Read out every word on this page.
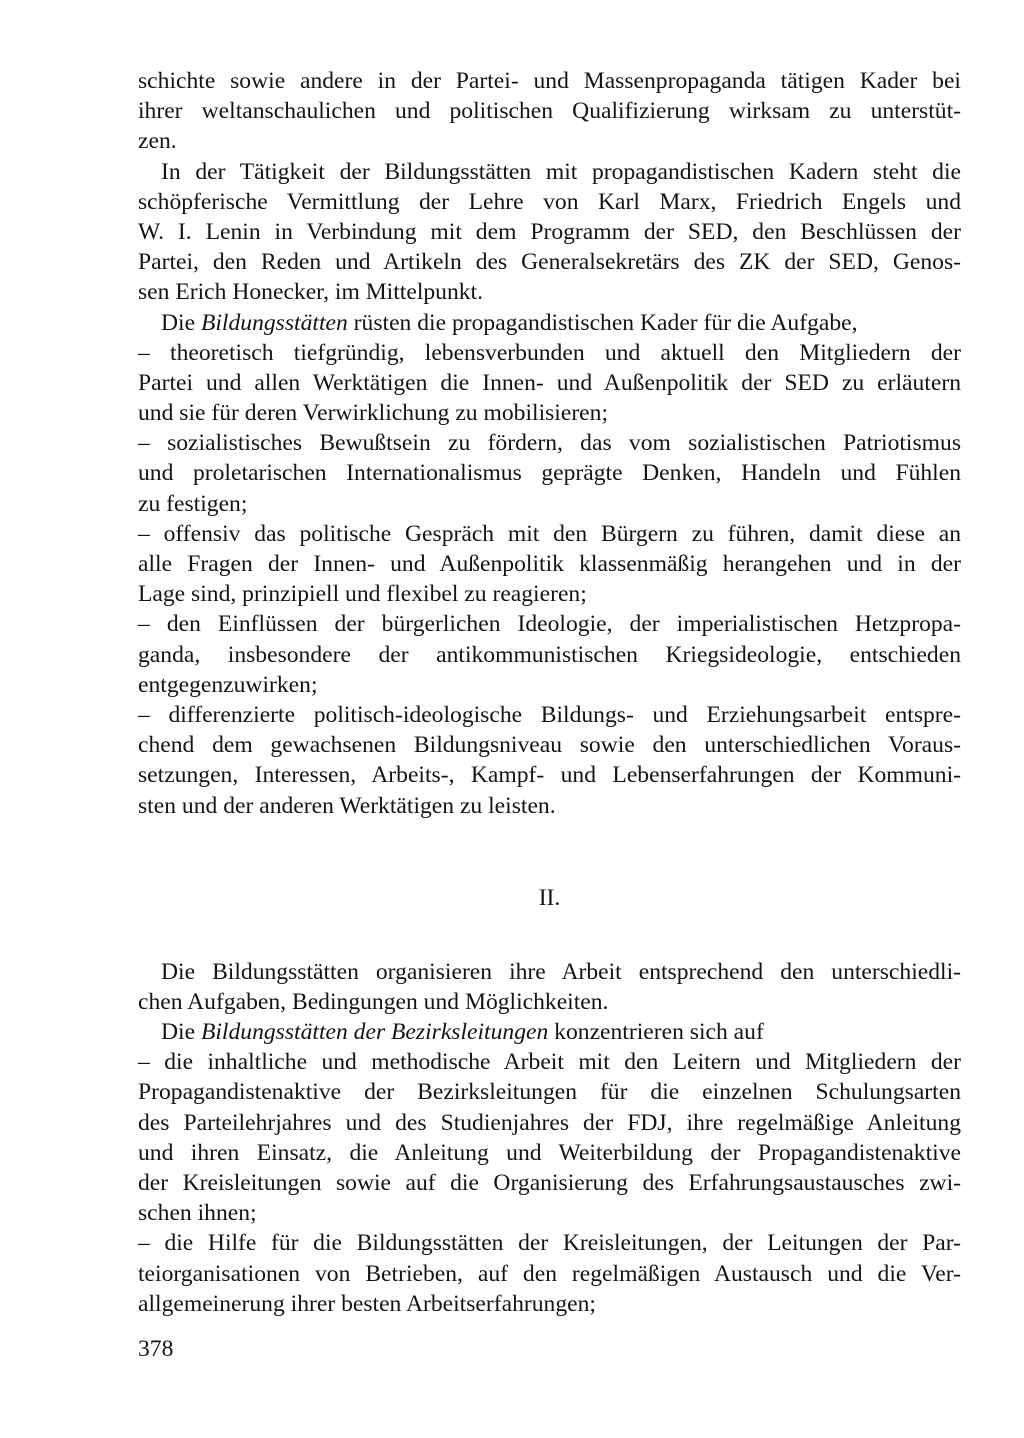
schichte sowie andere in der Partei- und Massenpropaganda tätigen Kader bei
ihrer weltanschaulichen und politischen Qualifizierung wirksam zu unterstüt-
zen.
In der Tätigkeit der Bildungsstätten mit propagandistischen Kadern steht die
schöpferische Vermittlung der Lehre von Karl Marx, Friedrich Engels und
W. I. Lenin in Verbindung mit dem Programm der SED, den Beschlüssen der
Partei, den Reden und Artikeln des Generalsekretärs des ZK der SED, Genos-
sen Erich Honecker, im Mittelpunkt.
Die Bildungsstätten rüsten die propagandistischen Kader für die Aufgabe,
– theoretisch tiefgründig, lebensverbunden und aktuell den Mitgliedern der
Partei und allen Werktätigen die Innen- und Außenpolitik der SED zu erläutern
und sie für deren Verwirklichung zu mobilisieren;
– sozialistisches Bewußtsein zu fördern, das vom sozialistischen Patriotismus
und proletarischen Internationalismus geprägte Denken, Handeln und Fühlen
zu festigen;
– offensiv das politische Gespräch mit den Bürgern zu führen, damit diese an
alle Fragen der Innen- und Außenpolitik klassenmäßig herangehen und in der
Lage sind, prinzipiell und flexibel zu reagieren;
– den Einflüssen der bürgerlichen Ideologie, der imperialistischen Hetzpropa-
ganda, insbesondere der antikommunistischen Kriegsideologie, entschieden
entgegenzuwirken;
– differenzierte politisch-ideologische Bildungs- und Erziehungsarbeit entspre-
chend dem gewachsenen Bildungsniveau sowie den unterschiedlichen Voraus-
setzungen, Interessen, Arbeits-, Kampf- und Lebenserfahrungen der Kommuni-
sten und der anderen Werktätigen zu leisten.
II.
Die Bildungsstätten organisieren ihre Arbeit entsprechend den unterschiedli-
chen Aufgaben, Bedingungen und Möglichkeiten.
Die Bildungsstätten der Bezirksleitungen konzentrieren sich auf
– die inhaltliche und methodische Arbeit mit den Leitern und Mitgliedern der
Propagandistenaktive der Bezirksleitungen für die einzelnen Schulungsarten
des Parteilehrjahres und des Studienjahres der FDJ, ihre regelmäßige Anleitung
und ihren Einsatz, die Anleitung und Weiterbildung der Propagandistenaktive
der Kreisleitungen sowie auf die Organisierung des Erfahrungsaustausches zwi-
schen ihnen;
– die Hilfe für die Bildungsstätten der Kreisleitungen, der Leitungen der Par-
teiorganisationen von Betrieben, auf den regelmäßigen Austausch und die Ver-
allgemeinerung ihrer besten Arbeitserfahrungen;
378
